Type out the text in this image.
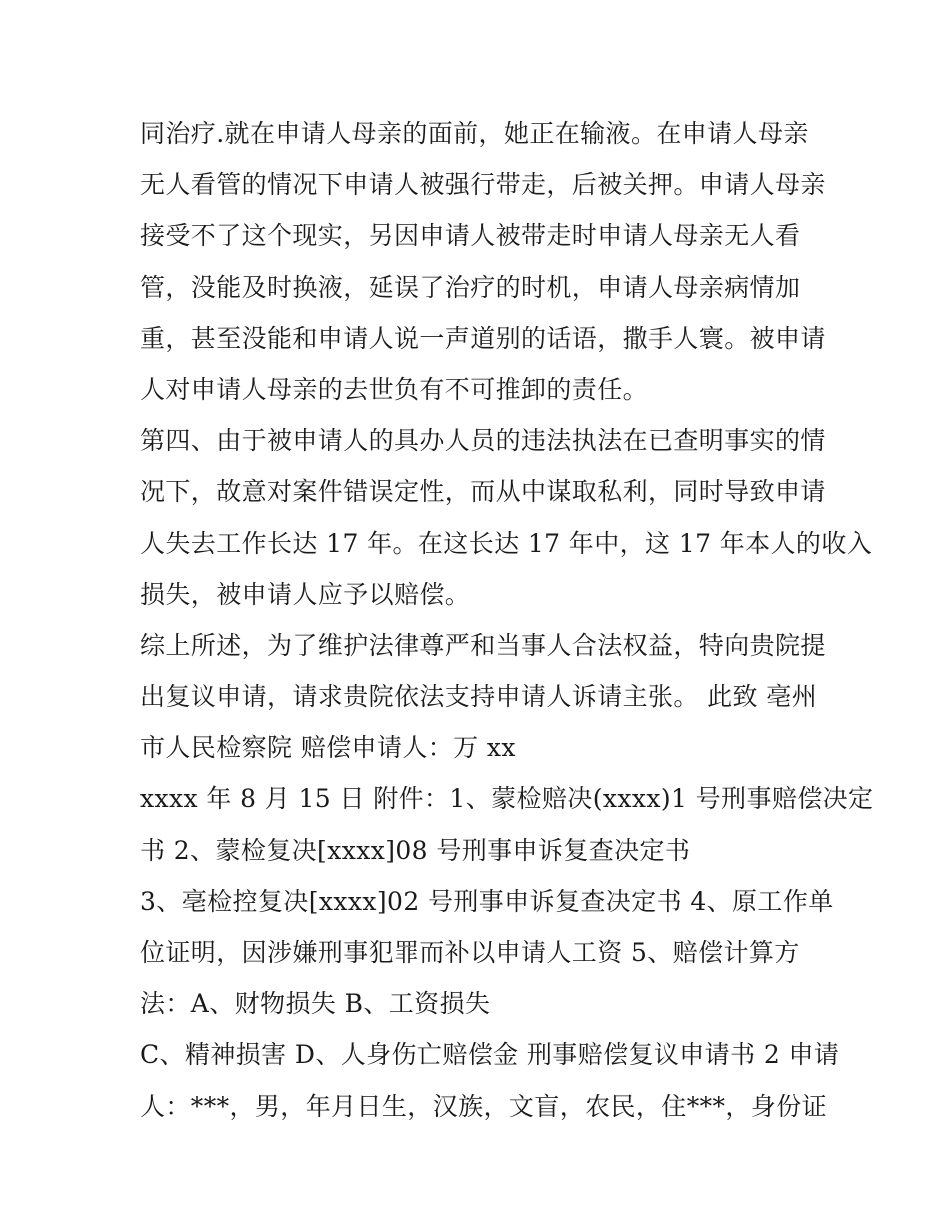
同治疗.就在申请人母亲的面前，她正在输液。在申请人母亲
无人看管的情况下申请人被强行带走，后被关押。申请人母亲
接受不了这个现实，另因申请人被带走时申请人母亲无人看
管，没能及时换液，延误了治疗的时机，申请人母亲病情加
重，甚至没能和申请人说一声道别的话语，撒手人寰。被申请
人对申请人母亲的去世负有不可推卸的责任。
第四、由于被申请人的具办人员的违法执法在已查明事实的情
况下，故意对案件错误定性，而从中谋取私利，同时导致申请
人失去工作长达 17 年。在这长达 17 年中，这 17 年本人的收入
损失，被申请人应予以赔偿。
综上所述，为了维护法律尊严和当事人合法权益，特向贵院提
出复议申请，请求贵院依法支持申请人诉请主张。 此致 亳州
市人民检察院 赔偿申请人：万 xx
xxxx 年 8 月 15 日 附件：1、蒙检赔决(xxxx)1 号刑事赔偿决定
书 2、蒙检复决[xxxx]08 号刑事申诉复查决定书
3、亳检控复决[xxxx]02 号刑事申诉复查决定书 4、原工作单
位证明，因涉嫌刑事犯罪而补以申请人工资 5、赔偿计算方
法：A、财物损失 B、工资损失
C、精神损害 D、人身伤亡赔偿金 刑事赔偿复议申请书 2 申请
人：***，男，年月日生，汉族，文盲，农民，住***，身份证
